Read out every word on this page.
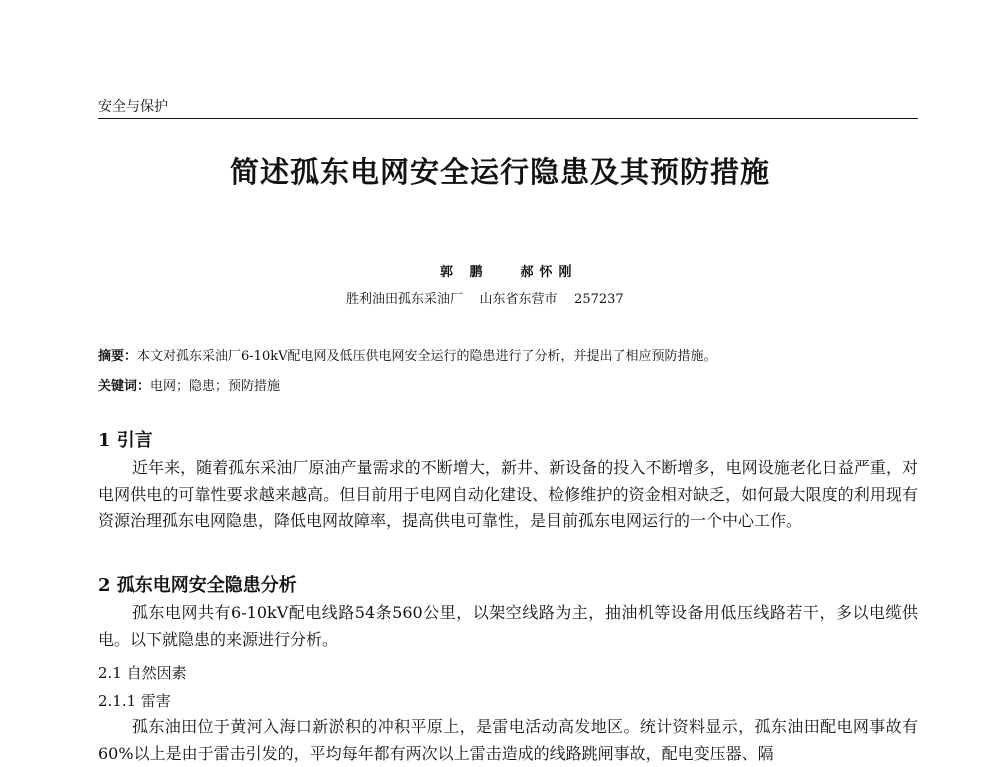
安全与保护
简述孤东电网安全运行隐患及其预防措施
郭 鹏 郝怀刚
胜利油田孤东采油厂    山东省东营市    257237
摘要：本文对孤东采油厂6-10kV配电网及低压供电网安全运行的隐患进行了分析，并提出了相应预防措施。
关键词：电网；隐患；预防措施
1 引言
近年来，随着孤东采油厂原油产量需求的不断增大，新井、新设备的投入不断增多，电网设施老化日益严重，对电网供电的可靠性要求越来越高。但目前用于电网自动化建设、检修维护的资金相对缺乏，如何最大限度的利用现有资源治理孤东电网隐患，降低电网故障率，提高供电可靠性，是目前孤东电网运行的一个中心工作。
2 孤东电网安全隐患分析
孤东电网共有6-10kV配电线路54条560公里，以架空线路为主，抽油机等设备用低压线路若干，多以电缆供电。以下就隐患的来源进行分析。
2.1 自然因素
2.1.1 雷害
孤东油田位于黄河入海口新淤积的冲积平原上，是雷电活动高发地区。统计资料显示，孤东油田配电网事故有60%以上是由于雷击引发的，平均每年都有两次以上雷击造成的线路跳闸事故，配电变压器、隔
